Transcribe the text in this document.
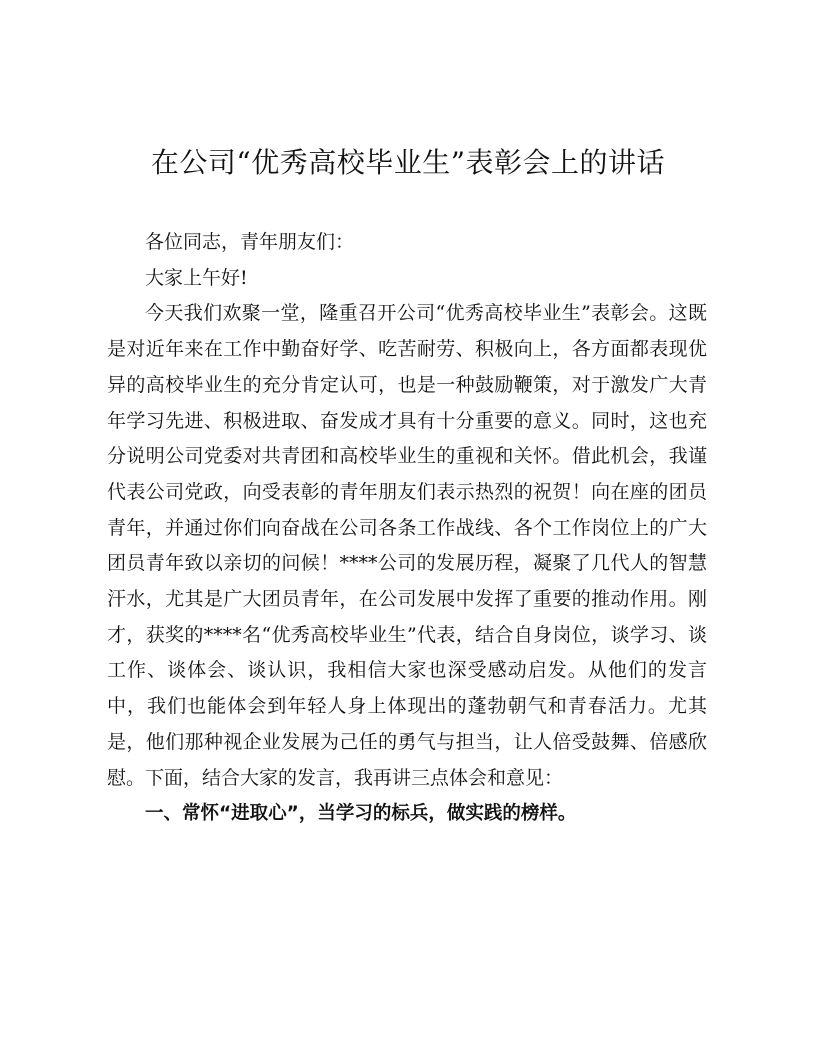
在公司“优秀高校毕业生”表彰会上的讲话

各位同志，青年朋友们：

大家上午好!

今天我们欢聚一堂，隆重召开公司“优秀高校毕业生”表彰会。这既是对近年来在工作中勤奋好学、吃苦耐劳、积极向上，各方面都表现优异的高校毕业生的充分肯定认可，也是一种鼓励鞭策，对于激发广大青年学习先进、积极进取、奋发成才具有十分重要的意义。同时，这也充分说明公司党委对共青团和高校毕业生的重视和关怀。借此机会，我谨代表公司党政，向受表彰的青年朋友们表示热烈的祝贺！向在座的团员青年，并通过你们向奋战在公司各条工作战线、各个工作岗位上的广大团员青年致以亲切的问候！****公司的发展历程，凝聚了几代人的智慧汗水，尤其是广大团员青年，在公司发展中发挥了重要的推动作用。刚才，获奖的****名“优秀高校毕业生”代表，结合自身岗位，谈学习、谈工作、谈体会、谈认识，我相信大家也深受感动启发。从他们的发言中，我们也能体会到年轻人身上体现出的蓬勃朝气和青春活力。尤其是，他们那种视企业发展为己任的勇气与担当，让人倍受鼓舞、倍感欣慰。下面，结合大家的发言，我再讲三点体会和意见：

一、常怀“进取心”，当学习的标兵，做实践的榜样。
